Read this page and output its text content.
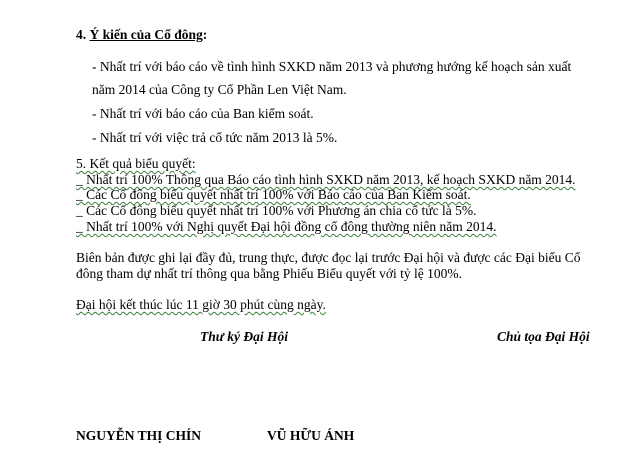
4. Ý kiến của Cổ đông:
- Nhất trí với báo cáo về tình hình SXKD năm 2013 và phương hướng kế hoạch sản xuất
năm 2014 của Công ty Cổ Phần Len Việt Nam.
- Nhất trí với báo cáo của Ban kiểm soát.
- Nhất trí với việc trả cổ tức năm 2013 là 5%.
5. Kết quả biểu quyết:
_ Nhất trí 100% Thông qua Báo cáo tình hình SXKD năm 2013, kế hoạch SXKD năm 2014.
_ Các Cổ đông biểu quyết nhất trí 100% với Báo cáo của Ban Kiểm soát.
_ Các Cổ đông biểu quyết nhất trí 100% với Phương án chia cổ tức là 5%.
_ Nhất trí 100% với Nghị quyết Đại hội đồng cổ đông thường niên năm 2014.
Biên bản được ghi lại đầy đủ, trung thực, được đọc lại trước Đại hội và được các Đại biểu Cổ
đông tham dự nhất trí thông qua bằng Phiếu Biểu quyết với tỷ lệ 100%.
Đại hội kết thúc lúc 11 giờ 30 phút cùng ngày.
Thư ký Đại Hội	Chủ tọa Đại Hội
NGUYỄN THỊ CHÍN	VŨ HỮU ÁNH
